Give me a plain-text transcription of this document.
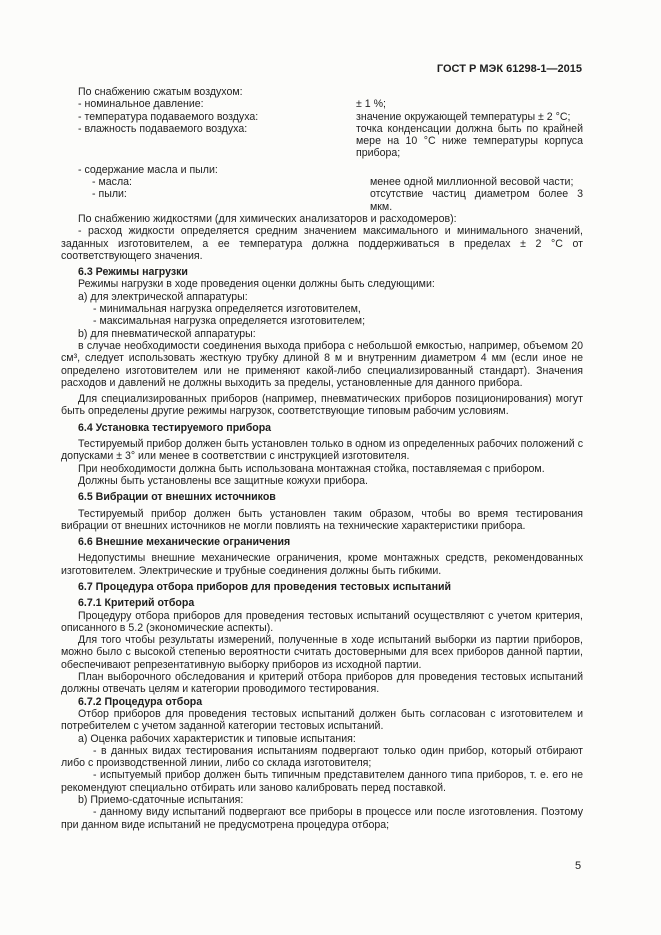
ГОСТ Р МЭК 61298-1—2015

По снабжению сжатым воздухом:

- номинальное давление:	± 1 %;
- температура подаваемого воздуха:	значение окружающей температуры ± 2 °С;
- влажность подаваемого воздуха:	точка конденсации должна быть по крайней мере на 10 °С ниже температуры корпуса прибора;

- содержание масла и пыли:

- масла:	менее одной миллионной весовой части;
- пыли:	отсутствие частиц диаметром более 3 мкм.

По снабжению жидкостями (для химических анализаторов и расходомеров):

- расход жидкости определяется средним значением максимального и минимального значений, заданных изготовителем, а ее температура должна поддерживаться в пределах ± 2 °С от соответствующего значения.

6.3 Режимы нагрузки

Режимы нагрузки в ходе проведения оценки должны быть следующими:

а) для электрической аппаратуры:

- минимальная нагрузка определяется изготовителем,

- максимальная нагрузка определяется изготовителем;

b) для пневматической аппаратуры:

в случае необходимости соединения выхода прибора с небольшой емкостью, например, объемом 20 см³, следует использовать жесткую трубку длиной 8 м и внутренним диаметром 4 мм (если иное не определено изготовителем или не применяют какой-либо специализированный стандарт). Значения расходов и давлений не должны выходить за пределы, установленные для данного прибора.

Для специализированных приборов (например, пневматических приборов позиционирования) могут быть определены другие режимы нагрузок, соответствующие типовым рабочим условиям.

6.4 Установка тестируемого прибора

Тестируемый прибор должен быть установлен только в одном из определенных рабочих положений с допусками ± 3° или менее в соответствии с инструкцией изготовителя.

При необходимости должна быть использована монтажная стойка, поставляемая с прибором.

Должны быть установлены все защитные кожухи прибора.

6.5 Вибрации от внешних источников

Тестируемый прибор должен быть установлен таким образом, чтобы во время тестирования вибрации от внешних источников не могли повлиять на технические характеристики прибора.

6.6 Внешние механические ограничения

Недопустимы внешние механические ограничения, кроме монтажных средств, рекомендованных изготовителем. Электрические и трубные соединения должны быть гибкими.

6.7 Процедура отбора приборов для проведения тестовых испытаний

6.7.1 Критерий отбора

Процедуру отбора приборов для проведения тестовых испытаний осуществляют с учетом критерия, описанного в 5.2 (экономические аспекты).

Для того чтобы результаты измерений, полученные в ходе испытаний выборки из партии приборов, можно было с высокой степенью вероятности считать достоверными для всех приборов данной партии, обеспечивают репрезентативную выборку приборов из исходной партии.

План выборочного обследования и критерий отбора приборов для проведения тестовых испытаний должны отвечать целям и категории проводимого тестирования.

6.7.2 Процедура отбора

Отбор приборов для проведения тестовых испытаний должен быть согласован с изготовителем и потребителем с учетом заданной категории тестовых испытаний.

а) Оценка рабочих характеристик и типовые испытания:

- в данных видах тестирования испытаниям подвергают только один прибор, который отбирают либо с производственной линии, либо со склада изготовителя;

- испытуемый прибор должен быть типичным представителем данного типа приборов, т. е. его не рекомендуют специально отбирать или заново калибровать перед поставкой.

b) Приемо-сдаточные испытания:

- данному виду испытаний подвергают все приборы в процессе или после изготовления. Поэтому при данном виде испытаний не предусмотрена процедура отбора;

5
